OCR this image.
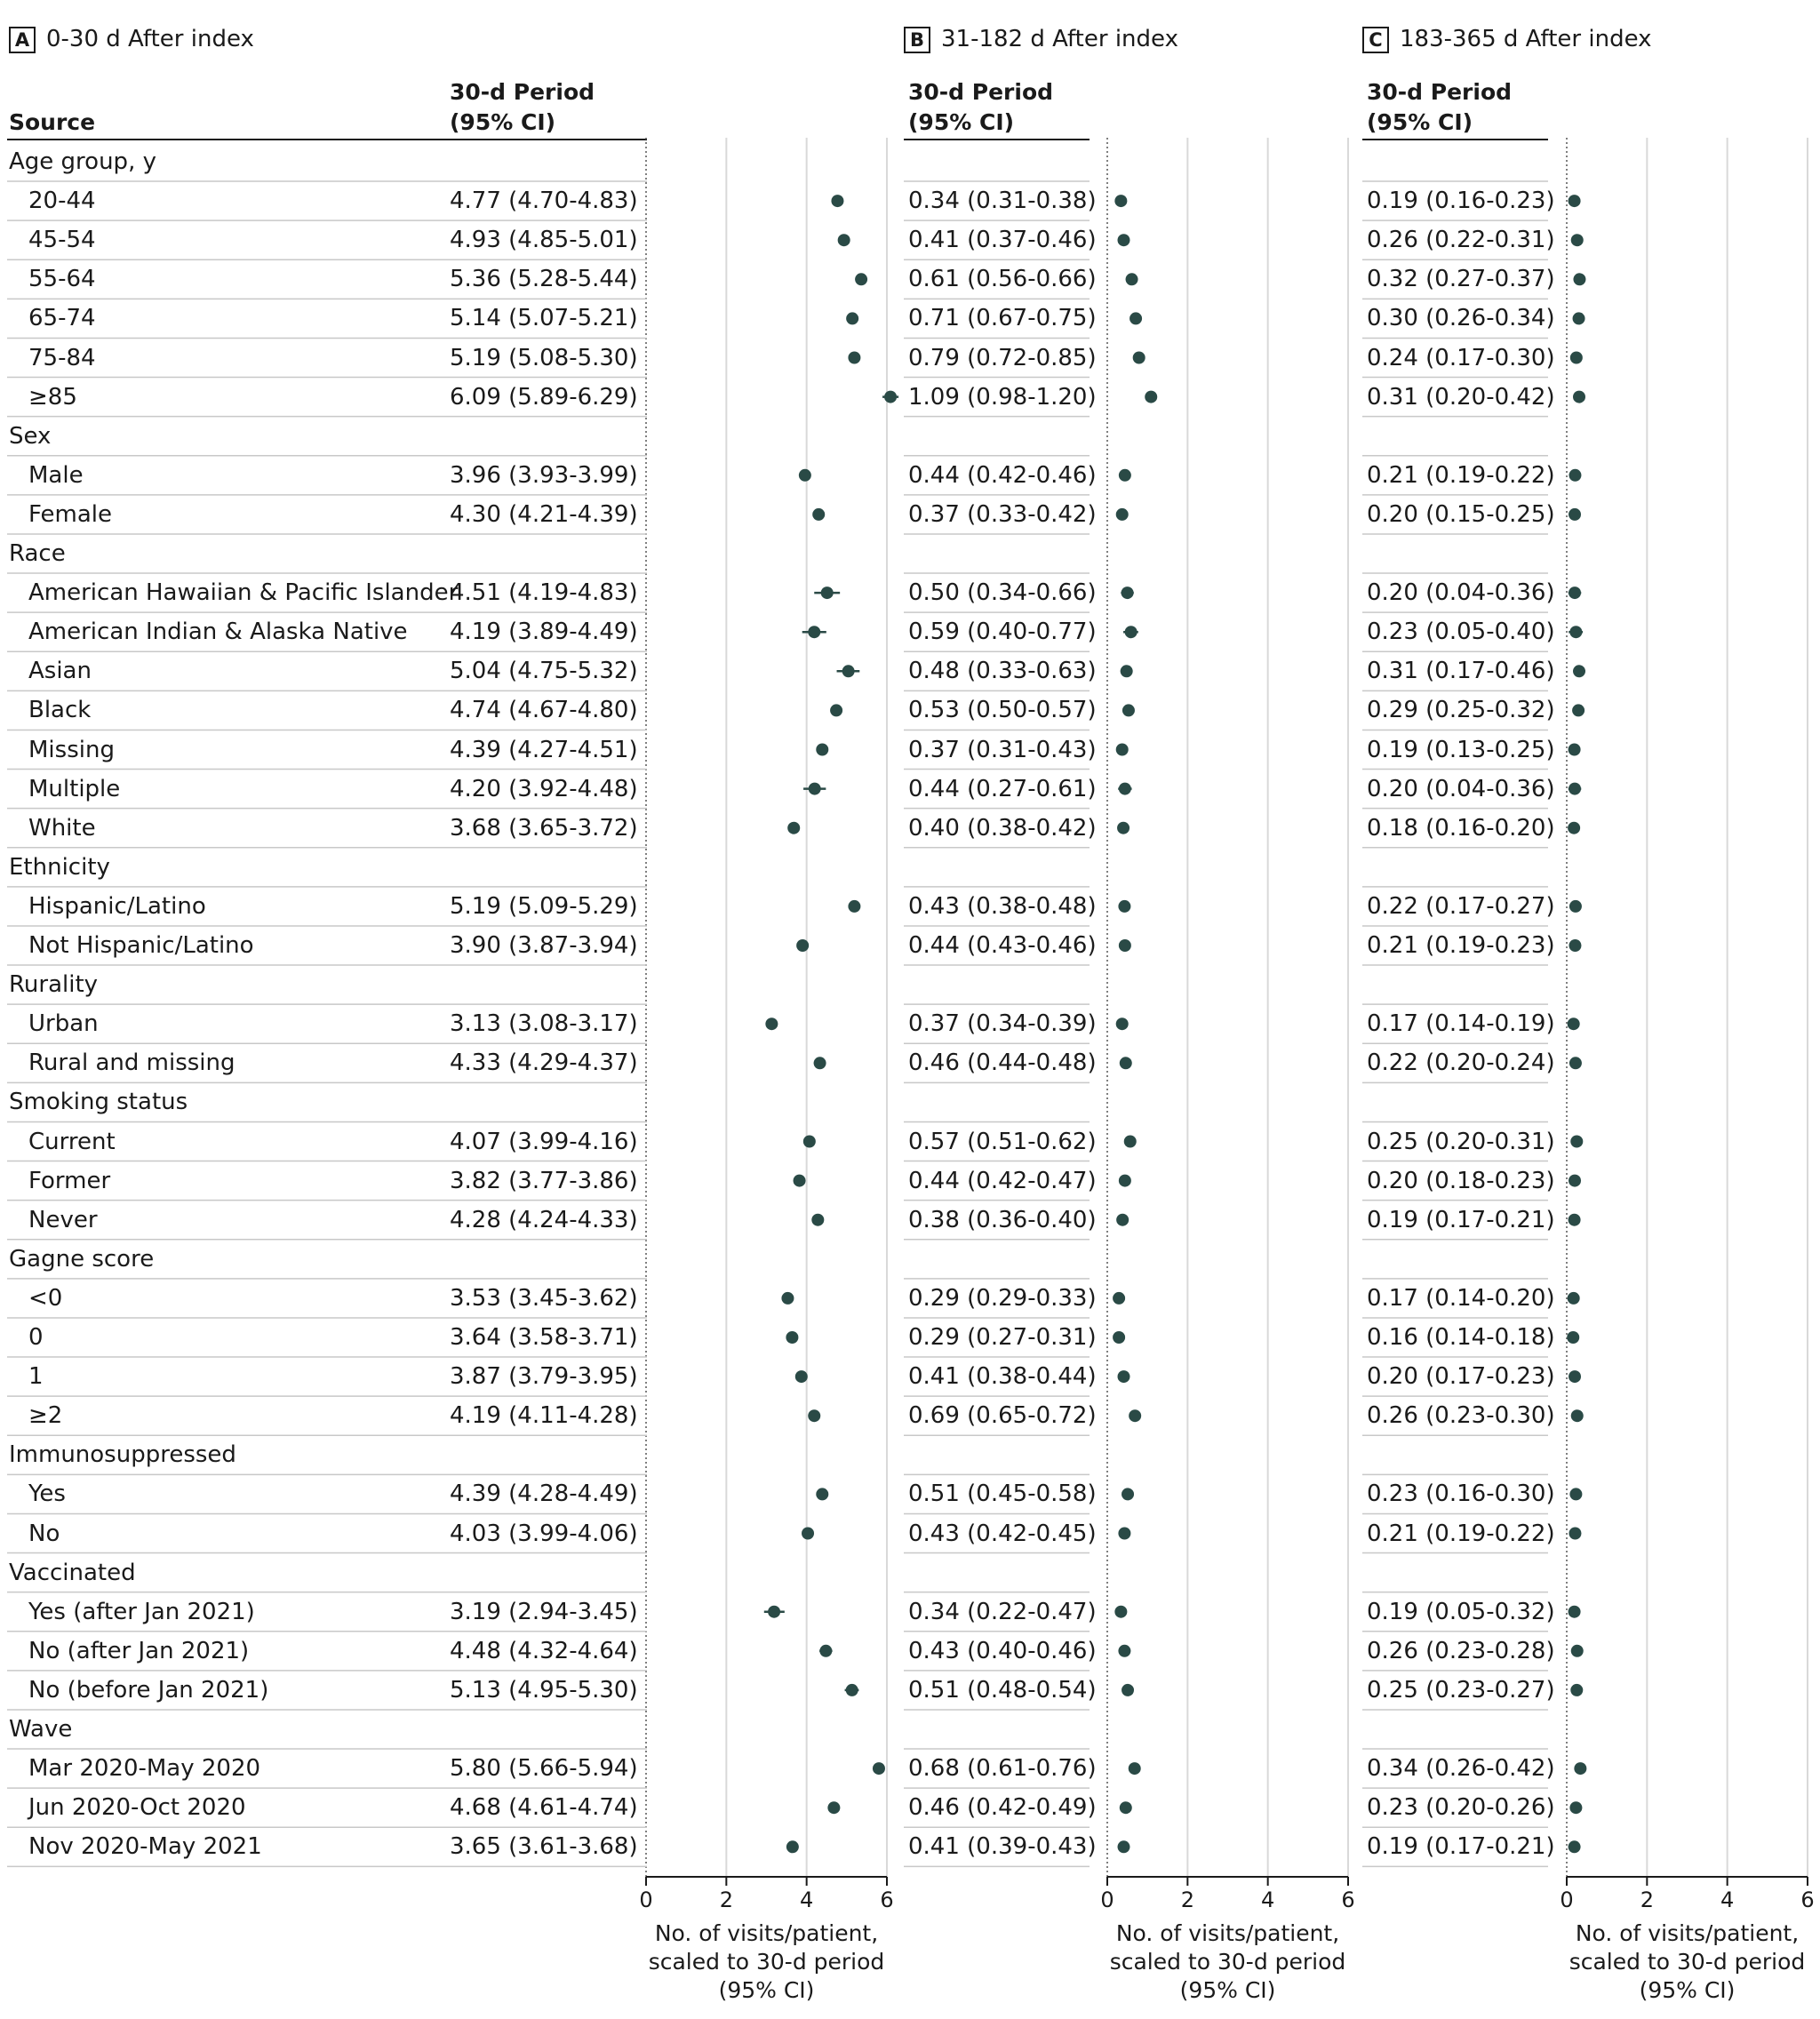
A 0-30 d After index	B 31-182 d After index	C 183-365 d After index
Source
30-d Period
(95% CI)
30-d Period
(95% CI)
30-d Period
(95% CI)
0	2	4	6
No. of visits/patient,
scaled to 30-d period
(95% CI)
0	2	4	6
No. of visits/patient,
scaled to 30-d period
(95% CI)
0	2	4	6
No. of visits/patient,
scaled to 30-d period
(95% CI)
Age group, y
20-44	4.77 (4.70-4.83)	0.34 (0.31-0.38)	0.19 (0.16-0.23)
45-54	4.93 (4.85-5.01)	0.41 (0.37-0.46)	0.26 (0.22-0.31)
55-64	5.36 (5.28-5.44)	0.61 (0.56-0.66)	0.32 (0.27-0.37)
65-74	5.14 (5.07-5.21)	0.71 (0.67-0.75)	0.30 (0.26-0.34)
75-84	5.19 (5.08-5.30)	0.79 (0.72-0.85)	0.24 (0.17-0.30)
≥85	6.09 (5.89-6.29)	1.09 (0.98-1.20)	0.31 (0.20-0.42)
Sex
Male	3.96 (3.93-3.99)	0.44 (0.42-0.46)	0.21 (0.19-0.22)
Female	4.30 (4.21-4.39)	0.37 (0.33-0.42)	0.20 (0.15-0.25)
Race
American Hawaiian & Pacific Islander
4.51 (4.19-4.83)	0.50 (0.34-0.66)	0.20 (0.04-0.36)
American Indian & Alaska Native 4.19 (3.89-4.49)	0.59 (0.40-0.77)	0.23 (0.05-0.40)
Asian	5.04 (4.75-5.32)	0.48 (0.33-0.63)	0.31 (0.17-0.46)
Black	4.74 (4.67-4.80)	0.53 (0.50-0.57)	0.29 (0.25-0.32)
Missing	4.39 (4.27-4.51)	0.37 (0.31-0.43)	0.19 (0.13-0.25)
Multiple	4.20 (3.92-4.48)	0.44 (0.27-0.61)	0.20 (0.04-0.36)
White	3.68 (3.65-3.72)	0.40 (0.38-0.42)	0.18 (0.16-0.20)
Ethnicity
Hispanic/Latino	5.19 (5.09-5.29)	0.43 (0.38-0.48)	0.22 (0.17-0.27)
Not Hispanic/Latino	3.90 (3.87-3.94)	0.44 (0.43-0.46)	0.21 (0.19-0.23)
Rurality
Urban	3.13 (3.08-3.17)	0.37 (0.34-0.39)	0.17 (0.14-0.19)
Rural and missing	4.33 (4.29-4.37)	0.46 (0.44-0.48)	0.22 (0.20-0.24)
Smoking status
Current	4.07 (3.99-4.16)	0.57 (0.51-0.62)	0.25 (0.20-0.31)
Former	3.82 (3.77-3.86)	0.44 (0.42-0.47)	0.20 (0.18-0.23)
Never	4.28 (4.24-4.33)	0.38 (0.36-0.40)	0.19 (0.17-0.21)
Gagne score
<0	3.53 (3.45-3.62)	0.29 (0.29-0.33)	0.17 (0.14-0.20)
0	3.64 (3.58-3.71)	0.29 (0.27-0.31)	0.16 (0.14-0.18)
1	3.87 (3.79-3.95)	0.41 (0.38-0.44)	0.20 (0.17-0.23)
≥2	4.19 (4.11-4.28)	0.69 (0.65-0.72)	0.26 (0.23-0.30)
Immunosuppressed
Yes	4.39 (4.28-4.49)	0.51 (0.45-0.58)	0.23 (0.16-0.30)
No	4.03 (3.99-4.06)	0.43 (0.42-0.45)	0.21 (0.19-0.22)
Vaccinated
Yes (after Jan 2021)	3.19 (2.94-3.45)	0.34 (0.22-0.47)	0.19 (0.05-0.32)
No (after Jan 2021)	4.48 (4.32-4.64)	0.43 (0.40-0.46)	0.26 (0.23-0.28)
No (before Jan 2021)	5.13 (4.95-5.30)	0.51 (0.48-0.54)	0.25 (0.23-0.27)
Wave
Mar 2020-May 2020	5.80 (5.66-5.94)	0.68 (0.61-0.76)	0.34 (0.26-0.42)
Jun 2020-Oct 2020	4.68 (4.61-4.74)	0.46 (0.42-0.49)	0.23 (0.20-0.26)
Nov 2020-May 2021	3.65 (3.61-3.68)	0.41 (0.39-0.43)	0.19 (0.17-0.21)
